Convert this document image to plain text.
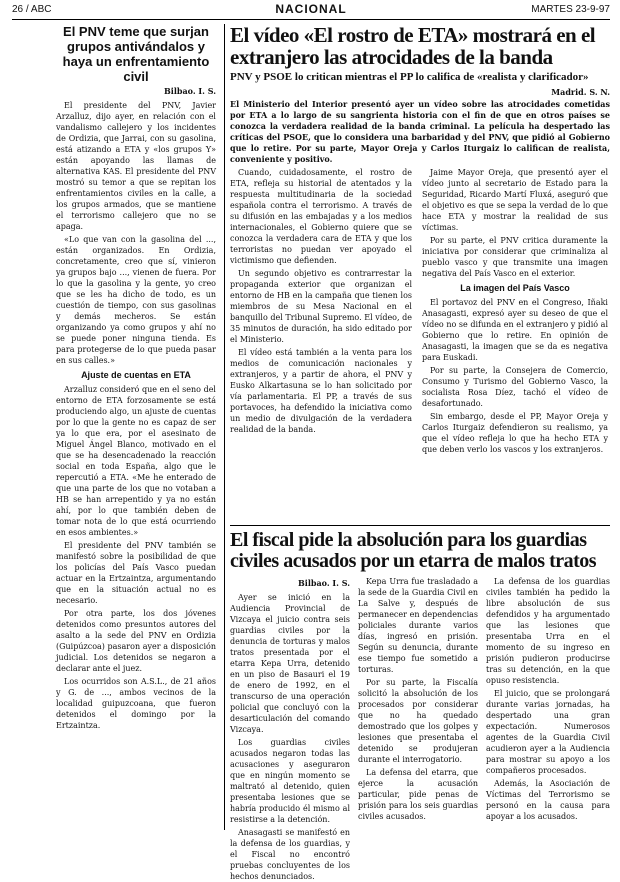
26 / ABC	NACIONAL	MARTES 23-9-97
El PNV teme que surjan grupos antivándalos y haya un enfrentamiento civil
Bilbao. I. S.

El presidente del PNV, Javier Arzalluz, dijo ayer, en relación con el vandalismo callejero y los incidentes de Ordizia, que Jarrai, con su gasolina, está atizando a ETA y «los grupos Y» están apoyando las llamas de alternativa KAS. El presidente del PNV mostró su temor a que se repitan los enfrentamientos civiles en la calle, a los grupos armados, que se mantiene el terrorismo callejero que no se apaga.

«Lo que van con la gasolina del ..., están organizados. En Ordizia, concretamente, creo que sí, vinieron ya grupos bajo ..., vienen de fuera. Por lo que la gasolina y la gente, yo creo que se les ha dicho de todo, es un cuestión de tiempo, con sus gasolinas y demás mecheros. Se están organizando ya como grupos y ahí no se puede poner ninguna tienda. Es para protegerse de lo que pueda pasar en sus calles.»

Ajuste de cuentas en ETA

Arzalluz consideró que en el seno del entorno de ETA forzosamente se está produciendo algo, un ajuste de cuentas por lo que la gente no es capaz de ser ya lo que era, por el asesinato de Miguel Ángel Blanco, motivado en el que se ha desencadenado la reacción social en toda España, algo que le repercutió a ETA. «Me he enterado de que una parte de los que no votaban a HB se han arrepentido y ya no están ahí, por lo que también deben de tomar nota de lo que está ocurriendo en esos ambientes.»

El presidente del PNV también se manifestó sobre la posibilidad de que los policías del País Vasco puedan actuar en la Ertzaintza, argumentando que en la situación actual no es necesario.

Por otra parte, los dos jóvenes detenidos como presuntos autores del asalto a la sede del PNV en Ordizia (Guipúzcoa) pasaron ayer a disposición judicial. Los detenidos se negaron a declarar ante el juez.

Los ocurridos son A.S.L., de 21 años y G. de ..., ambos vecinos de la localidad guipuzcoana, que fueron detenidos el domingo por la Ertzaintza.

El vídeo «El rostro de ETA» mostrará en el extranjero las atrocidades de la banda
PNV y PSOE lo critican mientras el PP lo califica de «realista y clarificador»
Madrid. S. N.

El Ministerio del Interior presentó ayer un vídeo sobre las atrocidades cometidas por ETA a lo largo de su sangrienta historia con el fin de que en otros países se conozca la verdadera realidad de la banda criminal. La película ha despertado las críticas del PSOE, que lo considera una barbaridad y del PNV, que pidió al Gobierno que lo retire. Por su parte, Mayor Oreja y Carlos Iturgaiz lo califican de realista, conveniente y positivo.

Cuando, cuidadosamente, el rostro de ETA, refleja su historial de atentados y la respuesta multitudinaria de la sociedad española contra el terrorismo. A través de su difusión en las embajadas y a los medios internacionales, el Gobierno quiere que se conozca la verdadera cara de ETA y que los terroristas no puedan ver apoyado el victimismo que defienden.

Un segundo objetivo es contrarrestar la propaganda exterior que organizan el entorno de HB en la campaña que tienen los miembros de su Mesa Nacional en el banquillo del Tribunal Supremo. El vídeo, de 35 minutos de duración, ha sido editado por el Ministerio.

El vídeo está también a la venta para los medios de comunicación nacionales y extranjeros, y a partir de ahora, el PNV y Eusko Alkartasuna se lo han solicitado por vía parlamentaria. El PP, a través de sus portavoces, ha defendido la iniciativa como un medio de divulgación de la verdadera realidad de la banda.

Jaime Mayor Oreja, que presentó ayer el vídeo junto al secretario de Estado para la Seguridad, Ricardo Martí Fluxá, aseguró que el objetivo es que se sepa la verdad de lo que hace ETA y mostrar la realidad de sus víctimas.

Por su parte, el PNV critica duramente la iniciativa por considerar que criminaliza al pueblo vasco y que transmite una imagen negativa del País Vasco en el exterior.

La imagen del País Vasco

El portavoz del PNV en el Congreso, Iñaki Anasagasti, expresó ayer su deseo de que el vídeo no se difunda en el extranjero y pidió al Gobierno que lo retire. En opinión de Anasagasti, la imagen que se da es negativa para Euskadi.

Por su parte, la Consejera de Comercio, Consumo y Turismo del Gobierno Vasco, la socialista Rosa Díez, tachó el vídeo de desafortunado.

Sin embargo, desde el PP, Mayor Oreja y Carlos Iturgaiz defendieron su realismo, ya que el vídeo refleja lo que ha hecho ETA y que deben verlo los vascos y los extranjeros.

El fiscal pide la absolución para los guardias civiles acusados por un etarra de malos tratos
Bilbao. I. S.

Ayer se inició en la Audiencia Provincial de Vizcaya el juicio contra seis guardias civiles por la denuncia de torturas y malos tratos presentada por el etarra Kepa Urra, detenido en un piso de Basauri el 19 de enero de 1992, en el transcurso de una operación policial que concluyó con la desarticulación del comando Vizcaya.

Los guardias civiles acusados negaron todas las acusaciones y aseguraron que en ningún momento se maltrató al detenido, quien presentaba lesiones que se habría producido él mismo al resistirse a la detención.

Anasagasti se manifestó en la defensa de los guardias, y el Fiscal no encontró pruebas concluyentes de los hechos denunciados.

Kepa Urra fue trasladado a la sede de la Guardia Civil en La Salve y, después de permanecer en dependencias policiales durante varios días, ingresó en prisión. Según su denuncia, durante ese tiempo fue sometido a torturas.

Por su parte, la Fiscalía solicitó la absolución de los procesados por considerar que no ha quedado demostrado que los golpes y lesiones que presentaba el detenido se produjeran durante el interrogatorio.

La defensa del etarra, que ejerce la acusación particular, pide penas de prisión para los seis guardias civiles acusados.

La defensa de los guardias civiles también ha pedido la libre absolución de sus defendidos y ha argumentado que las lesiones que presentaba Urra en el momento de su ingreso en prisión pudieron producirse tras su detención, en la que opuso resistencia.

El juicio, que se prolongará durante varias jornadas, ha despertado una gran expectación. Numerosos agentes de la Guardia Civil acudieron ayer a la Audiencia para mostrar su apoyo a los compañeros procesados.

Además, la Asociación de Víctimas del Terrorismo se personó en la causa para apoyar a los acusados.
